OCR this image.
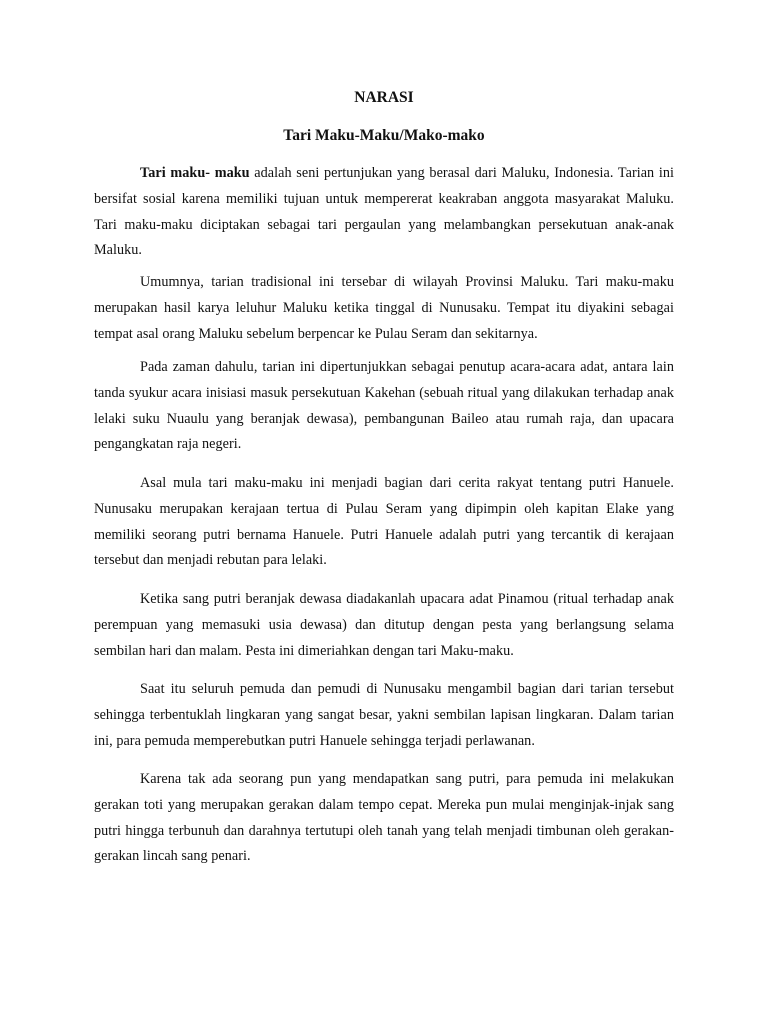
NARASI
Tari Maku-Maku/Mako-mako

Tari maku- maku adalah seni pertunjukan yang berasal dari Maluku, Indonesia. Tarian ini bersifat sosial karena memiliki tujuan untuk mempererat keakraban anggota masyarakat Maluku. Tari maku-maku diciptakan sebagai tari pergaulan yang melambangkan persekutuan anak-anak Maluku.

Umumnya, tarian tradisional ini tersebar di wilayah Provinsi Maluku. Tari maku-maku merupakan hasil karya leluhur Maluku ketika tinggal di Nunusaku. Tempat itu diyakini sebagai tempat asal orang Maluku sebelum berpencar ke Pulau Seram dan sekitarnya.

Pada zaman dahulu, tarian ini dipertunjukkan sebagai penutup acara-acara adat, antara lain tanda syukur acara inisiasi masuk persekutuan Kakehan (sebuah ritual yang dilakukan terhadap anak lelaki suku Nuaulu yang beranjak dewasa), pembangunan Baileo atau rumah raja, dan upacara pengangkatan raja negeri.

Asal mula tari maku-maku ini menjadi bagian dari cerita rakyat tentang putri Hanuele. Nunusaku merupakan kerajaan tertua di Pulau Seram yang dipimpin oleh kapitan Elake yang memiliki seorang putri bernama Hanuele. Putri Hanuele adalah putri yang tercantik di kerajaan tersebut dan menjadi rebutan para lelaki.

Ketika sang putri beranjak dewasa diadakanlah upacara adat Pinamou (ritual terhadap anak perempuan yang memasuki usia dewasa) dan ditutup dengan pesta yang berlangsung selama sembilan hari dan malam. Pesta ini dimeriahkan dengan tari Maku-maku.

Saat itu seluruh pemuda dan pemudi di Nunusaku mengambil bagian dari tarian tersebut sehingga terbentuklah lingkaran yang sangat besar, yakni sembilan lapisan lingkaran. Dalam tarian ini, para pemuda memperebutkan putri Hanuele sehingga terjadi perlawanan.

Karena tak ada seorang pun yang mendapatkan sang putri, para pemuda ini melakukan gerakan toti yang merupakan gerakan dalam tempo cepat. Mereka pun mulai menginjak-injak sang putri hingga terbunuh dan darahnya tertutupi oleh tanah yang telah menjadi timbunan oleh gerakan-gerakan lincah sang penari.
